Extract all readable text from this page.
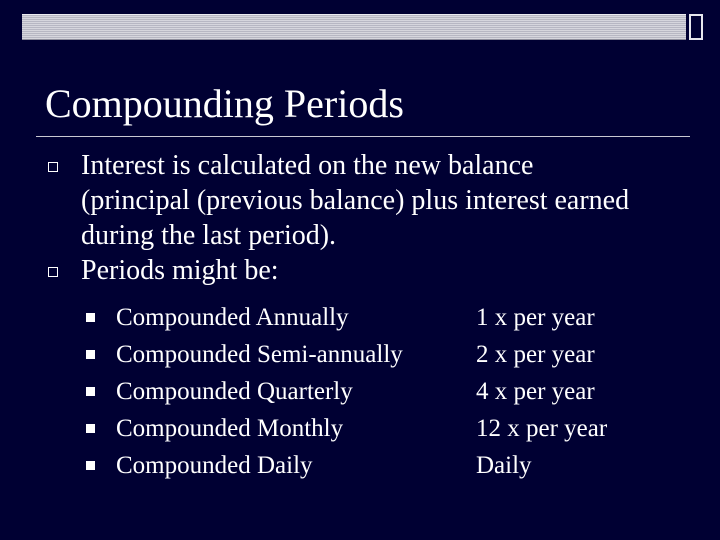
Compounding Periods
Interest is calculated on the new balance (principal (previous balance) plus interest earned during the last period).
Periods might be:
Compounded Annually	1 x per year
Compounded Semi-annually	2 x per year
Compounded Quarterly	4 x per year
Compounded Monthly	12 x per year
Compounded Daily	Daily
